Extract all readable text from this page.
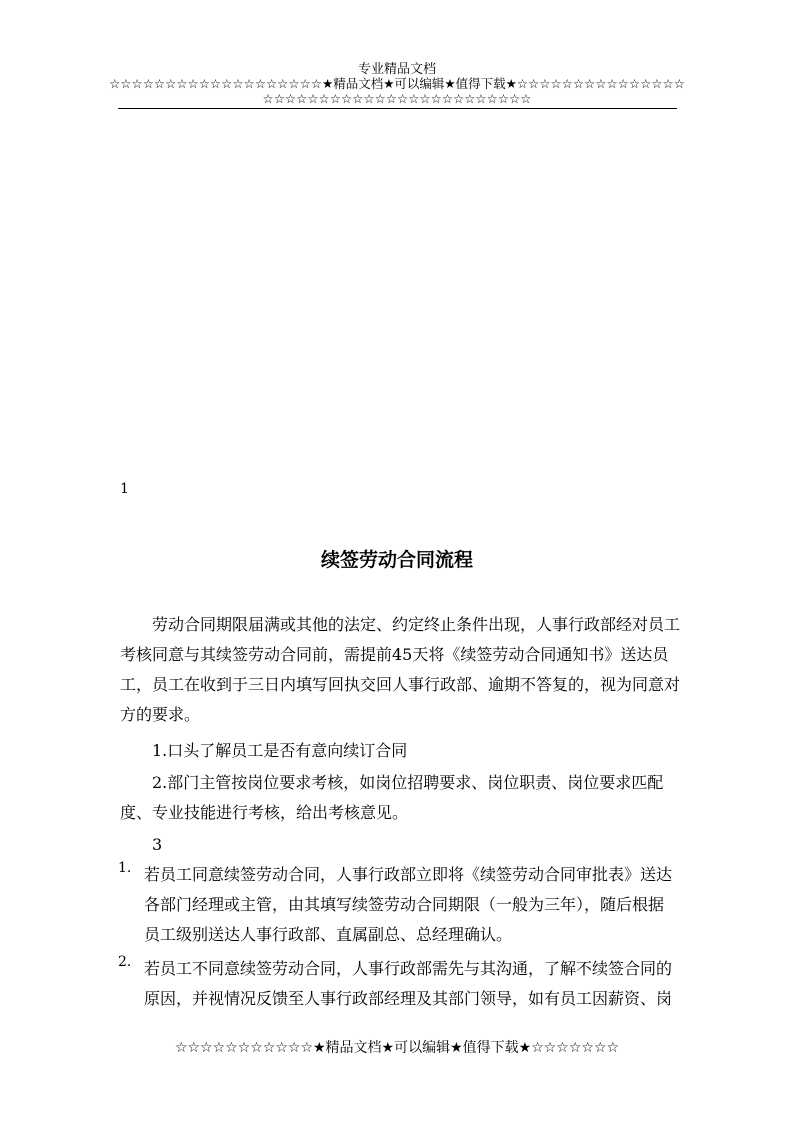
专业精品文档
☆☆☆☆☆☆☆☆☆☆☆☆☆☆☆☆☆☆☆★精品文档★可以编辑★值得下载★☆☆☆☆☆☆☆☆☆☆☆☆☆☆☆
☆☆☆☆☆☆☆☆☆☆☆☆☆☆☆☆☆☆☆☆☆☆☆☆
1
续签劳动合同流程
劳动合同期限届满或其他的法定、约定终止条件出现，人事行政部经对员工考核同意与其续签劳动合同前，需提前45天将《续签劳动合同通知书》送达员工，员工在收到于三日内填写回执交回人事行政部、逾期不答复的，视为同意对方的要求。
1.口头了解员工是否有意向续订合同
2.部门主管按岗位要求考核，如岗位招聘要求、岗位职责、岗位要求匹配度、专业技能进行考核，给出考核意见。
3
1. 若员工同意续签劳动合同，人事行政部立即将《续签劳动合同审批表》送达各部门经理或主管，由其填写续签劳动合同期限（一般为三年），随后根据员工级别送达人事行政部、直属副总、总经理确认。
2. 若员工不同意续签劳动合同，人事行政部需先与其沟通，了解不续签合同的原因，并视情况反馈至人事行政部经理及其部门领导，如有员工因薪资、岗
☆☆☆☆☆☆☆☆☆☆☆★精品文档★可以编辑★值得下载★☆☆☆☆☆☆☆
